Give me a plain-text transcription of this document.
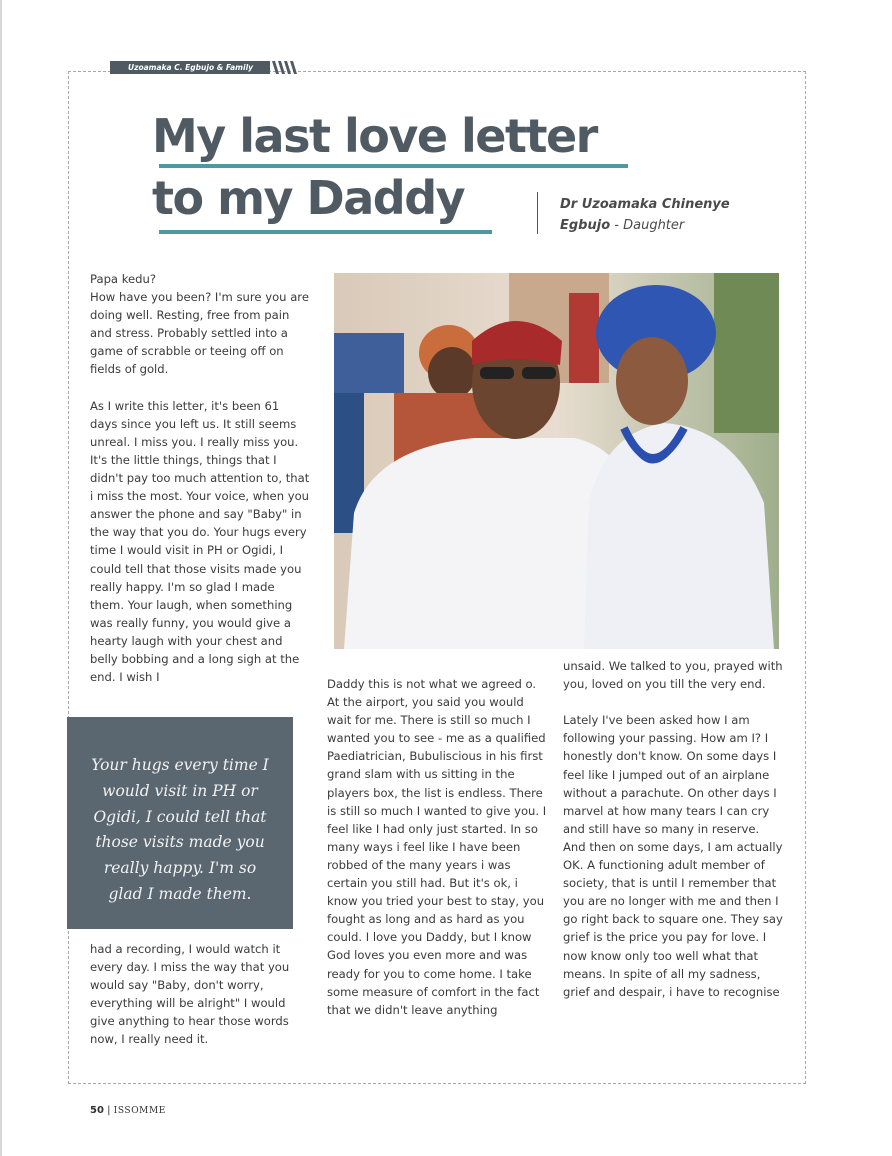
Uzoamaka C. Egbujo & Family
My last love letter
to my Daddy	Dr Uzoamaka Chinenye Egbujo - Daughter
Papa kedu?
How have you been? I'm sure you are doing well. Resting, free from pain and stress. Probably settled into a game of scrabble or teeing off on fields of gold.

As I write this letter, it's been 61 days since you left us. It still seems unreal. I miss you. I really miss you. It's the little things, things that I didn't pay too much attention to, that i miss the most. Your voice, when you answer the phone and say "Baby" in the way that you do. Your hugs every time I would visit in PH or Ogidi, I could tell that those visits made you really happy. I'm so glad I made them. Your laugh, when something was really funny, you would give a hearty laugh with your chest and belly bobbing and a long sigh at the end. I wish I
Your hugs every time I would visit in PH or Ogidi, I could tell that those visits made you really happy. I'm so glad I made them.
had a recording, I would watch it every day. I miss the way that you would say "Baby, don't worry, everything will be alright" I would give anything to hear those words now, I really need it.
Daddy this is not what we agreed o. At the airport, you said you would wait for me. There is still so much I wanted you to see - me as a qualified Paediatrician, Bubuliscious in his first grand slam with us sitting in the players box, the list is endless. There is still so much I wanted to give you. I feel like I had only just started. In so many ways i feel like I have been robbed of the many years i was certain you still had. But it's ok, i know you tried your best to stay, you fought as long and as hard as you could. I love you Daddy, but I know God loves you even more and was ready for you to come home. I take some measure of comfort in the fact that we didn't leave anything
unsaid. We talked to you, prayed with you, loved on you till the very end.

Lately I've been asked how I am following your passing. How am I? I honestly don't know. On some days I feel like I jumped out of an airplane without a parachute. On other days I marvel at how many tears I can cry and still have so many in reserve. And then on some days, I am actually OK. A functioning adult member of society, that is until I remember that you are no longer with me and then I go right back to square one. They say grief is the price you pay for love. I now know only too well what that means. In spite of all my sadness, grief and despair, i have to recognise
50 | ISSOMME
